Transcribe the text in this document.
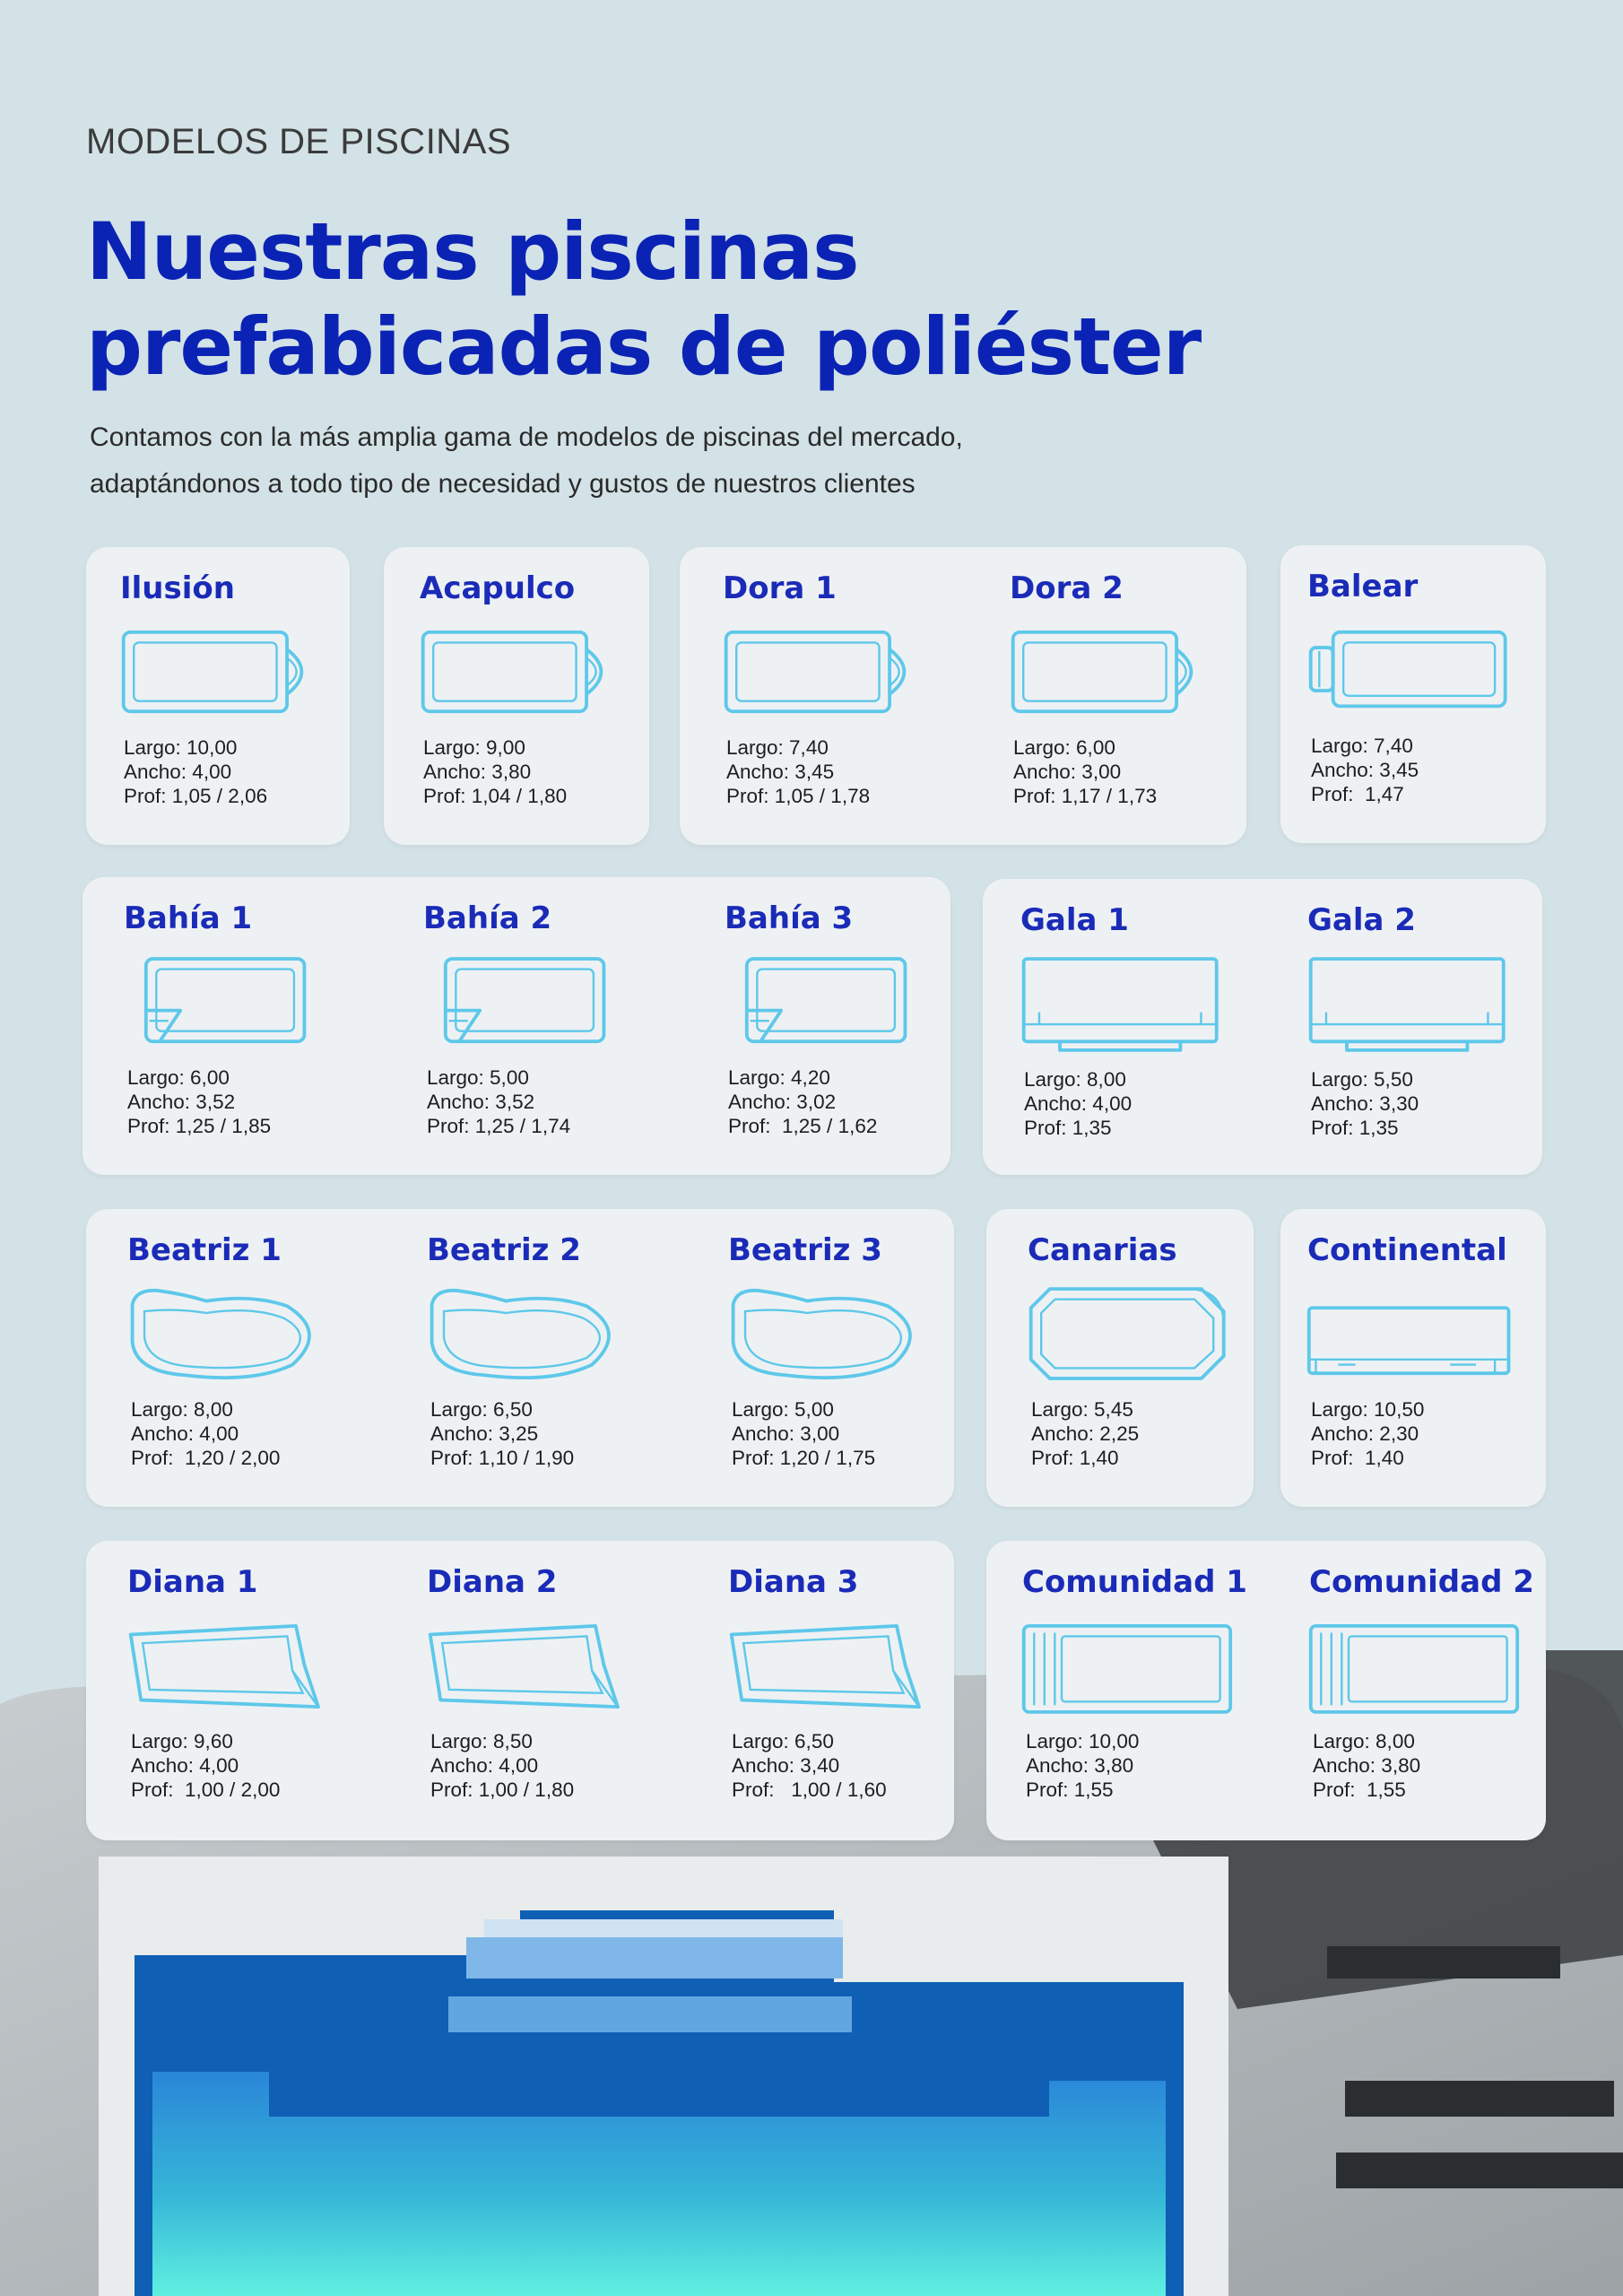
MODELOS DE PISCINAS
Nuestras piscinas
prefabicadas de poliéster
Contamos con la más amplia gama de modelos de piscinas del mercado,
adaptándonos a todo tipo de necesidad y gustos de nuestros clientes
Ilusión
Largo: 10,00
Ancho: 4,00
Prof: 1,05 / 2,06
Acapulco
Largo: 9,00
Ancho: 3,80
Prof: 1,04 / 1,80
Dora 1
Largo: 7,40
Ancho: 3,45
Prof: 1,05 / 1,78
Dora 2
Largo: 6,00
Ancho: 3,00
Prof: 1,17 / 1,73
Balear
Largo: 7,40
Ancho: 3,45
Prof:  1,47
Bahía 1
Largo: 6,00
Ancho: 3,52
Prof: 1,25 / 1,85
Bahía 2
Largo: 5,00
Ancho: 3,52
Prof: 1,25 / 1,74
Bahía 3
Largo: 4,20
Ancho: 3,02
Prof:  1,25 / 1,62
Gala 1
Largo: 8,00
Ancho: 4,00
Prof: 1,35
Gala 2
Largo: 5,50
Ancho: 3,30
Prof: 1,35
Beatriz 1
Largo: 8,00
Ancho: 4,00
Prof:  1,20 / 2,00
Beatriz 2
Largo: 6,50
Ancho: 3,25
Prof: 1,10 / 1,90
Beatriz 3
Largo: 5,00
Ancho: 3,00
Prof: 1,20 / 1,75
Canarias
Largo: 5,45
Ancho: 2,25
Prof: 1,40
Continental
Largo: 10,50
Ancho: 2,30
Prof:  1,40
Diana 1
Largo: 9,60
Ancho: 4,00
Prof:  1,00 / 2,00
Diana 2
Largo: 8,50
Ancho: 4,00
Prof: 1,00 / 1,80
Diana 3
Largo: 6,50
Ancho: 3,40
Prof:   1,00 / 1,60
Comunidad 1
Largo: 10,00
Ancho: 3,80
Prof: 1,55
Comunidad 2
Largo: 8,00
Ancho: 3,80
Prof:  1,55
